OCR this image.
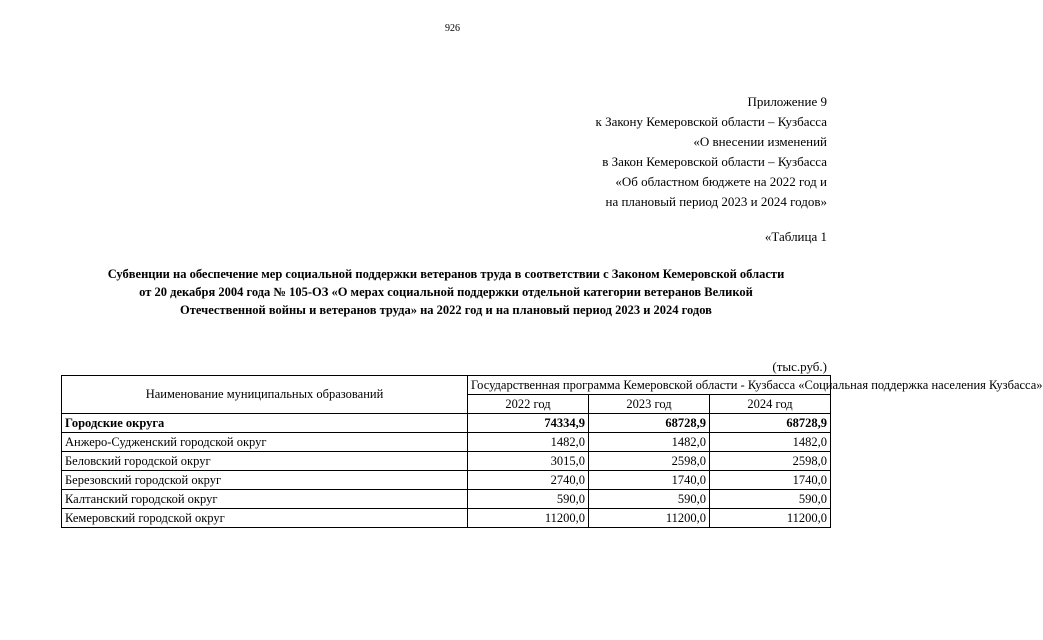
926
Приложение 9
к Закону Кемеровской области – Кузбасса
«О внесении изменений
в Закон Кемеровской области – Кузбасса
«Об областном бюджете на 2022 год и
на плановый период 2023 и 2024 годов»
«Таблица 1
Субвенции на обеспечение мер социальной поддержки ветеранов труда в соответствии с Законом Кемеровской области
от 20 декабря 2004 года № 105-ОЗ «О мерах социальной поддержки отдельной категории ветеранов Великой
Отечественной войны и ветеранов труда» на 2022 год и на плановый период 2023 и 2024 годов
(тыс.руб.)
Наименование муниципальных образований	Государственная программа Кемеровской области - Кузбасса «Социальная поддержка населения Кузбасса»		
	2022 год	2023 год	2024 год
Городские округа	74334,9	68728,9	68728,9
Анжеро-Судженский городской округ	1482,0	1482,0	1482,0
Беловский городской округ	3015,0	2598,0	2598,0
Березовский городской округ	2740,0	1740,0	1740,0
Калтанский городской округ	590,0	590,0	590,0
Кемеровский городской округ	11200,0	11200,0	11200,0
